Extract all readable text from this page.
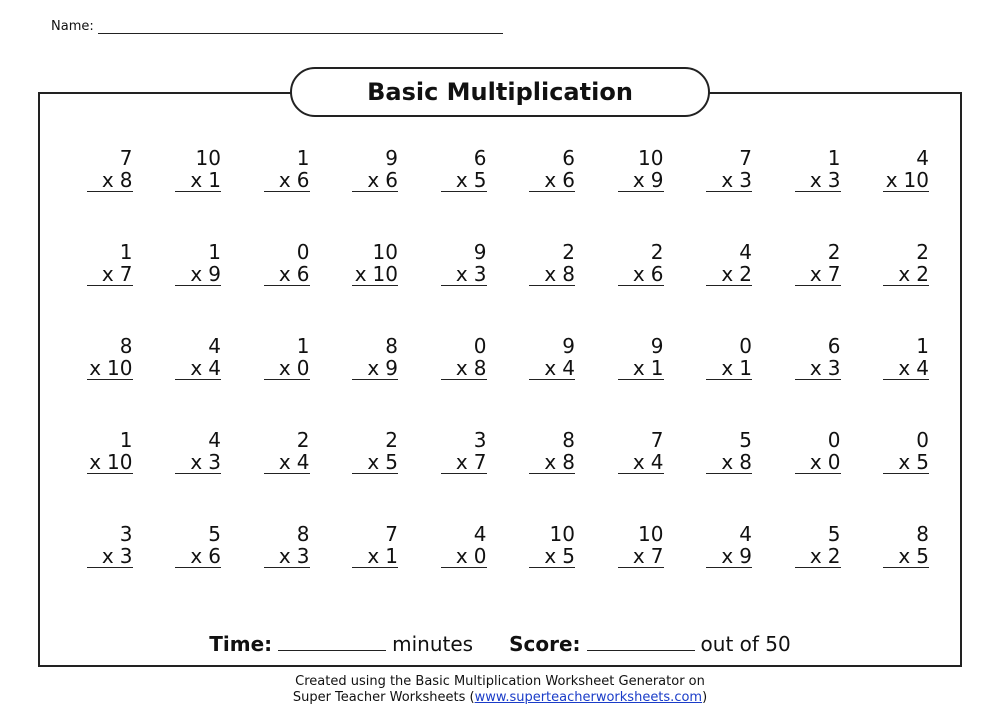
Name:
Basic Multiplication
7
x 8
10
x 1
1
x 6
9
x 6
6
x 5
6
x 6
10
x 9
7
x 3
1
x 3
4
x 10
1
x 7
1
x 9
0
x 6
10
x 10
9
x 3
2
x 8
2
x 6
4
x 2
2
x 7
2
x 2
8
x 10
4
x 4
1
x 0
8
x 9
0
x 8
9
x 4
9
x 1
0
x 1
6
x 3
1
x 4
1
x 10
4
x 3
2
x 4
2
x 5
3
x 7
8
x 8
7
x 4
5
x 8
0
x 0
0
x 5
3
x 3
5
x 6
8
x 3
7
x 1
4
x 0
10
x 5
10
x 7
4
x 9
5
x 2
8
x 5
Time:	minutes Score:	out of 50
Created using the Basic Multiplication Worksheet Generator on
Super Teacher Worksheets (www.superteacherworksheets.com)
